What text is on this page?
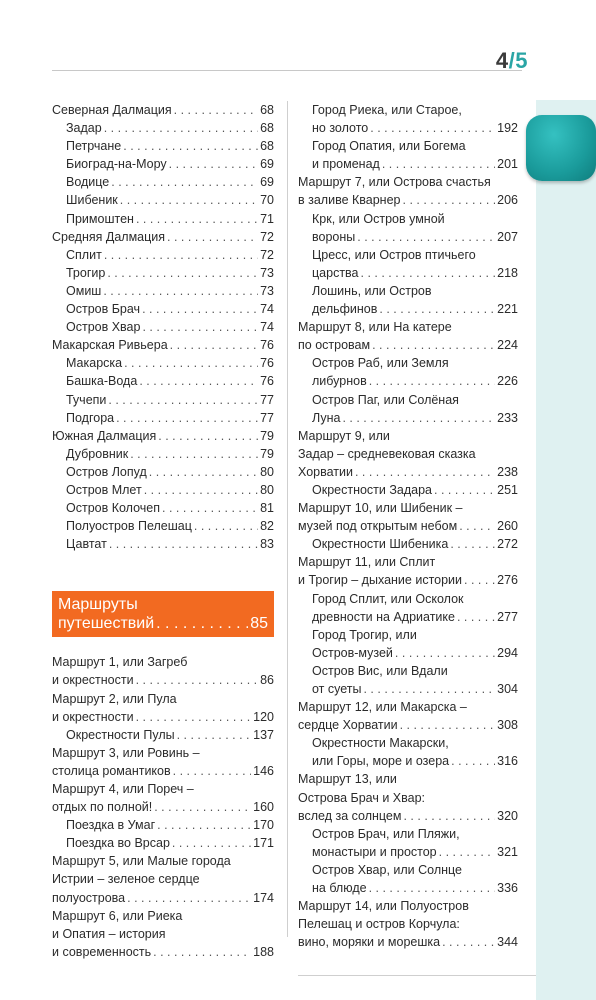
4/5
Северная Далмация . . .	68
Задар . . .	68
Петрчане . . .	68
Биоград-на-Мору . . .	69
Водице . . .	69
Шибеник . . .	70
Примоштен . . .	71
Средняя Далмация . . .	72
Сплит . . .	72
Трогир . . .	73
Омиш . . .	73
Остров Брач . . .	74
Остров Хвар . . .	74
Макарская Ривьера . . .	76
Макарска . . .	76
Башка-Вода . . .	76
Тучепи . . .	77
Подгора . . .	77
Южная Далмация . . .	79
Дубровник . . .	79
Остров Лопуд . . .	80
Остров Млет . . .	80
Остров Колочеп . . .	81
Полуостров Пелешац . . .	82
Цавтат . . .	83
Маршруты
путешествий . . .	85
Маршрут 1, или Загреб
и окрестности . . .	86
Маршрут 2, или Пула
и окрестности . . .	120
Окрестности Пулы . . .	137
Маршрут 3, или Ровинь –
столица романтиков . . .	146
Маршрут 4, или Пореч –
отдых по полной! . . .	160
Поездка в Умаг . . .	170
Поездка во Врсар . . .	171
Маршрут 5, или Малые города
Истрии – зеленое сердце
полуострова . . .	174
Маршрут 6, или Риека
и Опатия – история
и современность . . .	188
Город Риека, или Старое,
но золото . . .	192
Город Опатия, или Богема
и променад . . .	201
Маршрут 7, или Острова счастья
в заливе Кварнер . . .	206
Крк, или Остров умной
вороны . . .	207
Цресс, или Остров птичьего
царства . . .	218
Лошинь, или Остров
дельфинов . . .	221
Маршрут 8, или На катере
по островам . . .	224
Остров Раб, или Земля
либурнов . . .	226
Остров Паг, или Солёная
Луна . . .	233
Маршрут 9, или
Задар – средневековая сказка
Хорватии . . .	238
Окрестности Задара . . .	251
Маршрут 10, или Шибеник –
музей под открытым небом . . .	260
Окрестности Шибеника . . .	272
Маршрут 11, или Сплит
и Трогир – дыхание истории . . .	276
Город Сплит, или Осколок
древности на Адриатике . . .	277
Город Трогир, или
Остров-музей . . .	294
Остров Вис, или Вдали
от суеты . . .	304
Маршрут 12, или Макарска –
сердце Хорватии . . .	308
Окрестности Макарски,
или Горы, море и озера . . .	316
Маршрут 13, или
Острова Брач и Хвар:
вслед за солнцем . . .	320
Остров Брач, или Пляжи,
монастыри и простор . . .	321
Остров Хвар, или Солнце
на блюде . . .	336
Маршрут 14, или Полуостров
Пелешац и остров Корчула:
вино, моряки и морешка . . .	344
